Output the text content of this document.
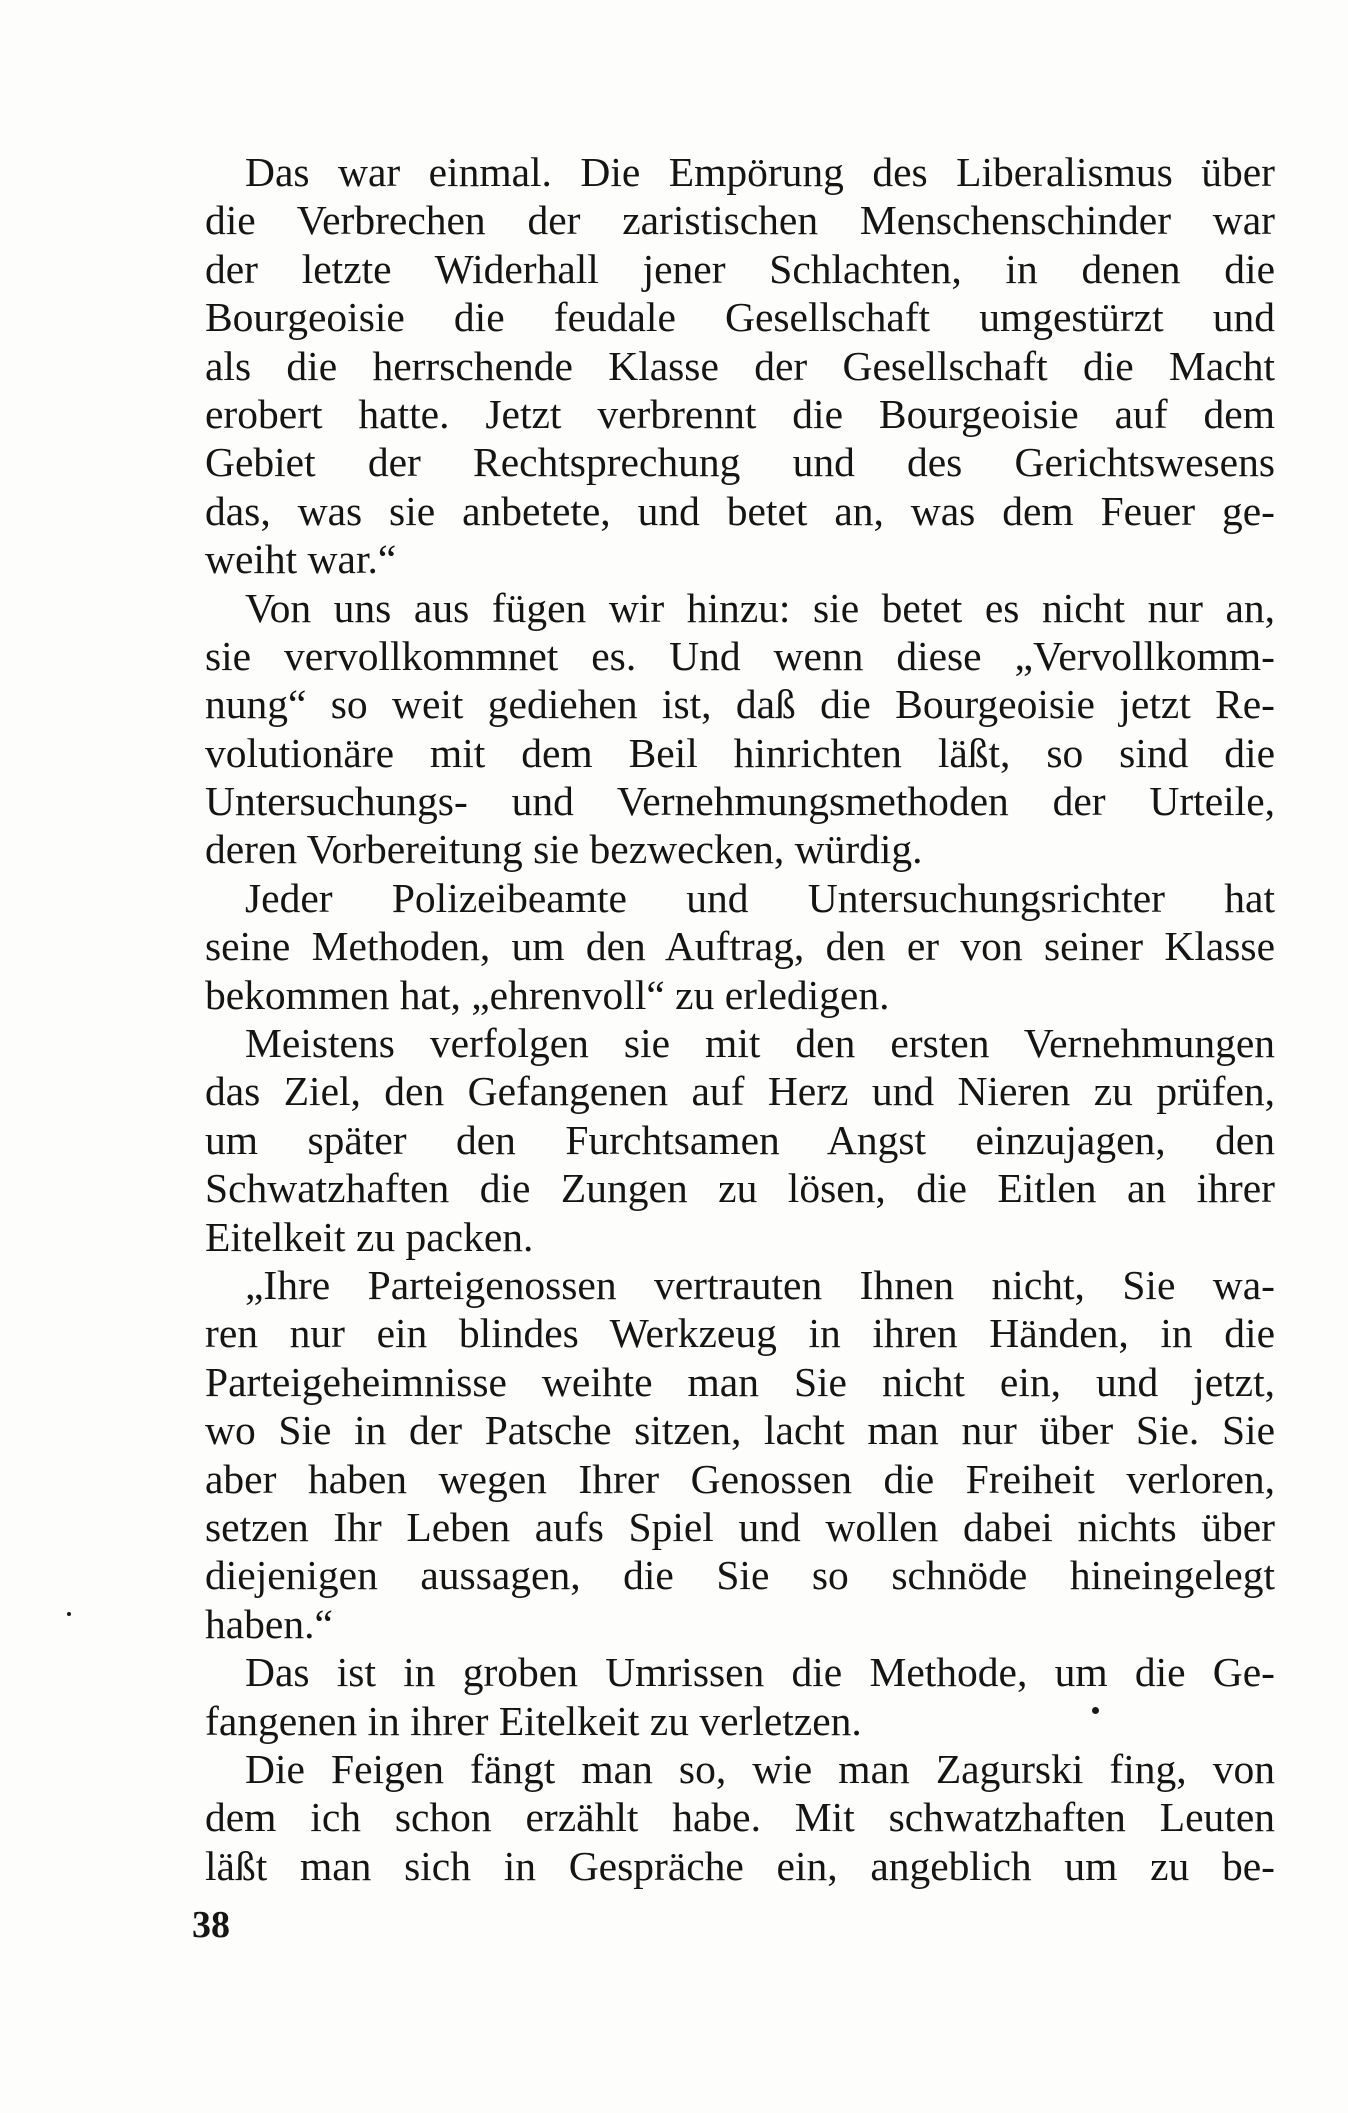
Das war einmal. Die Empörung des Liberalismus über
die Verbrechen der zaristischen Menschenschinder war
der letzte Widerhall jener Schlachten, in denen die
Bourgeoisie die feudale Gesellschaft umgestürzt und
als die herrschende Klasse der Gesellschaft die Macht
erobert hatte. Jetzt verbrennt die Bourgeoisie auf dem
Gebiet der Rechtsprechung und des Gerichtswesens
das, was sie anbetete, und betet an, was dem Feuer ge-
weiht war.“
Von uns aus fügen wir hinzu: sie betet es nicht nur an,
sie vervollkommnet es. Und wenn diese „Vervollkomm-
nung“ so weit gediehen ist, daß die Bourgeoisie jetzt Re-
volutionäre mit dem Beil hinrichten läßt, so sind die
Untersuchungs- und Vernehmungsmethoden der Urteile,
deren Vorbereitung sie bezwecken, würdig.
Jeder Polizeibeamte und Untersuchungsrichter hat
seine Methoden, um den Auftrag, den er von seiner Klasse
bekommen hat, „ehrenvoll“ zu erledigen.
Meistens verfolgen sie mit den ersten Vernehmungen
das Ziel, den Gefangenen auf Herz und Nieren zu prüfen,
um später den Furchtsamen Angst einzujagen, den
Schwatzhaften die Zungen zu lösen, die Eitlen an ihrer
Eitelkeit zu packen.
„Ihre Parteigenossen vertrauten Ihnen nicht, Sie wa-
ren nur ein blindes Werkzeug in ihren Händen, in die
Parteigeheimnisse weihte man Sie nicht ein, und jetzt,
wo Sie in der Patsche sitzen, lacht man nur über Sie. Sie
aber haben wegen Ihrer Genossen die Freiheit verloren,
setzen Ihr Leben aufs Spiel und wollen dabei nichts über
diejenigen aussagen, die Sie so schnöde hineingelegt
haben.“
Das ist in groben Umrissen die Methode, um die Ge-
fangenen in ihrer Eitelkeit zu verletzen.
Die Feigen fängt man so, wie man Zagurski fing, von
dem ich schon erzählt habe. Mit schwatzhaften Leuten
läßt man sich in Gespräche ein, angeblich um zu be-
38
